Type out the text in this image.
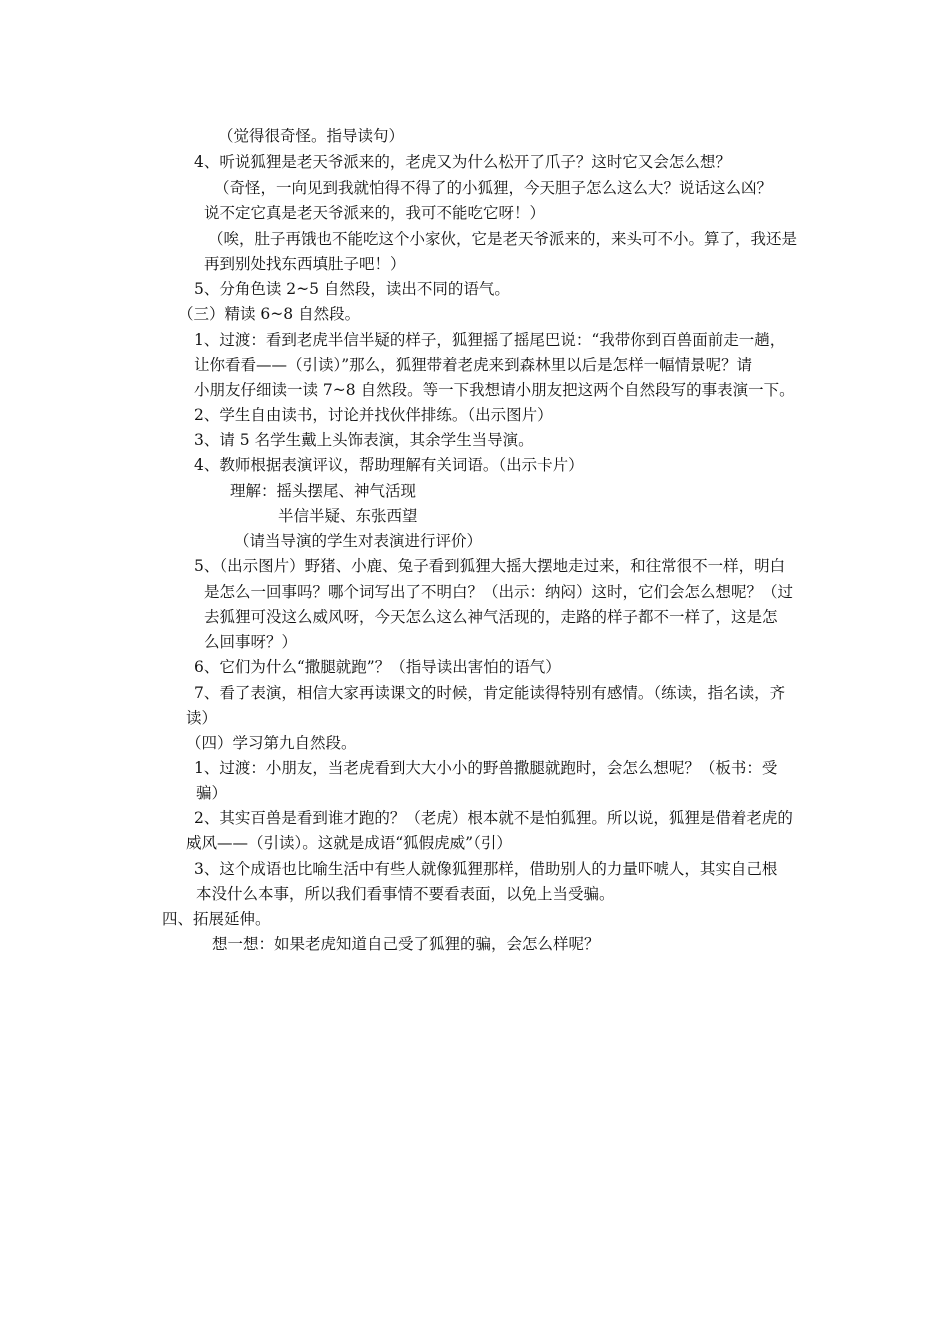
（觉得很奇怪。指导读句）

4、听说狐狸是老天爷派来的，老虎又为什么松开了爪子？这时它又会怎么想？

（奇怪，一向见到我就怕得不得了的小狐狸，今天胆子怎么这么大？说话这么凶？

说不定它真是老天爷派来的，我可不能吃它呀！）

（唉，肚子再饿也不能吃这个小家伙，它是老天爷派来的，来头可不小。算了，我还是

再到别处找东西填肚子吧！）

5、分角色读 2~5 自然段，读出不同的语气。

（三）精读 6~8 自然段。

1、过渡：看到老虎半信半疑的样子，狐狸摇了摇尾巴说：“我带你到百兽面前走一趟，

让你看看——（引读）”那么，狐狸带着老虎来到森林里以后是怎样一幅情景呢？请

小朋友仔细读一读 7~8 自然段。等一下我想请小朋友把这两个自然段写的事表演一下。

2、学生自由读书，讨论并找伙伴排练。（出示图片）

3、请 5 名学生戴上头饰表演，其余学生当导演。

4、教师根据表演评议，帮助理解有关词语。（出示卡片）

理解：摇头摆尾、神气活现

半信半疑、东张西望

（请当导演的学生对表演进行评价）

5、（出示图片）野猪、小鹿、兔子看到狐狸大摇大摆地走过来，和往常很不一样，明白

是怎么一回事吗？哪个词写出了不明白？（出示：纳闷）这时，它们会怎么想呢？（过

去狐狸可没这么威风呀，今天怎么这么神气活现的，走路的样子都不一样了，这是怎

么回事呀？）

6、它们为什么“撒腿就跑”？（指导读出害怕的语气）

7、看了表演，相信大家再读课文的时候，肯定能读得特别有感情。（练读，指名读，齐

读）

（四）学习第九自然段。

1、过渡：小朋友，当老虎看到大大小小的野兽撒腿就跑时，会怎么想呢？（板书：受

骗）

2、其实百兽是看到谁才跑的？（老虎）根本就不是怕狐狸。所以说，狐狸是借着老虎的

威风——（引读）。这就是成语“狐假虎威”（引）

3、这个成语也比喻生活中有些人就像狐狸那样，借助别人的力量吓唬人，其实自己根

本没什么本事，所以我们看事情不要看表面，以免上当受骗。

四、拓展延伸。

想一想：如果老虎知道自己受了狐狸的骗，会怎么样呢？
